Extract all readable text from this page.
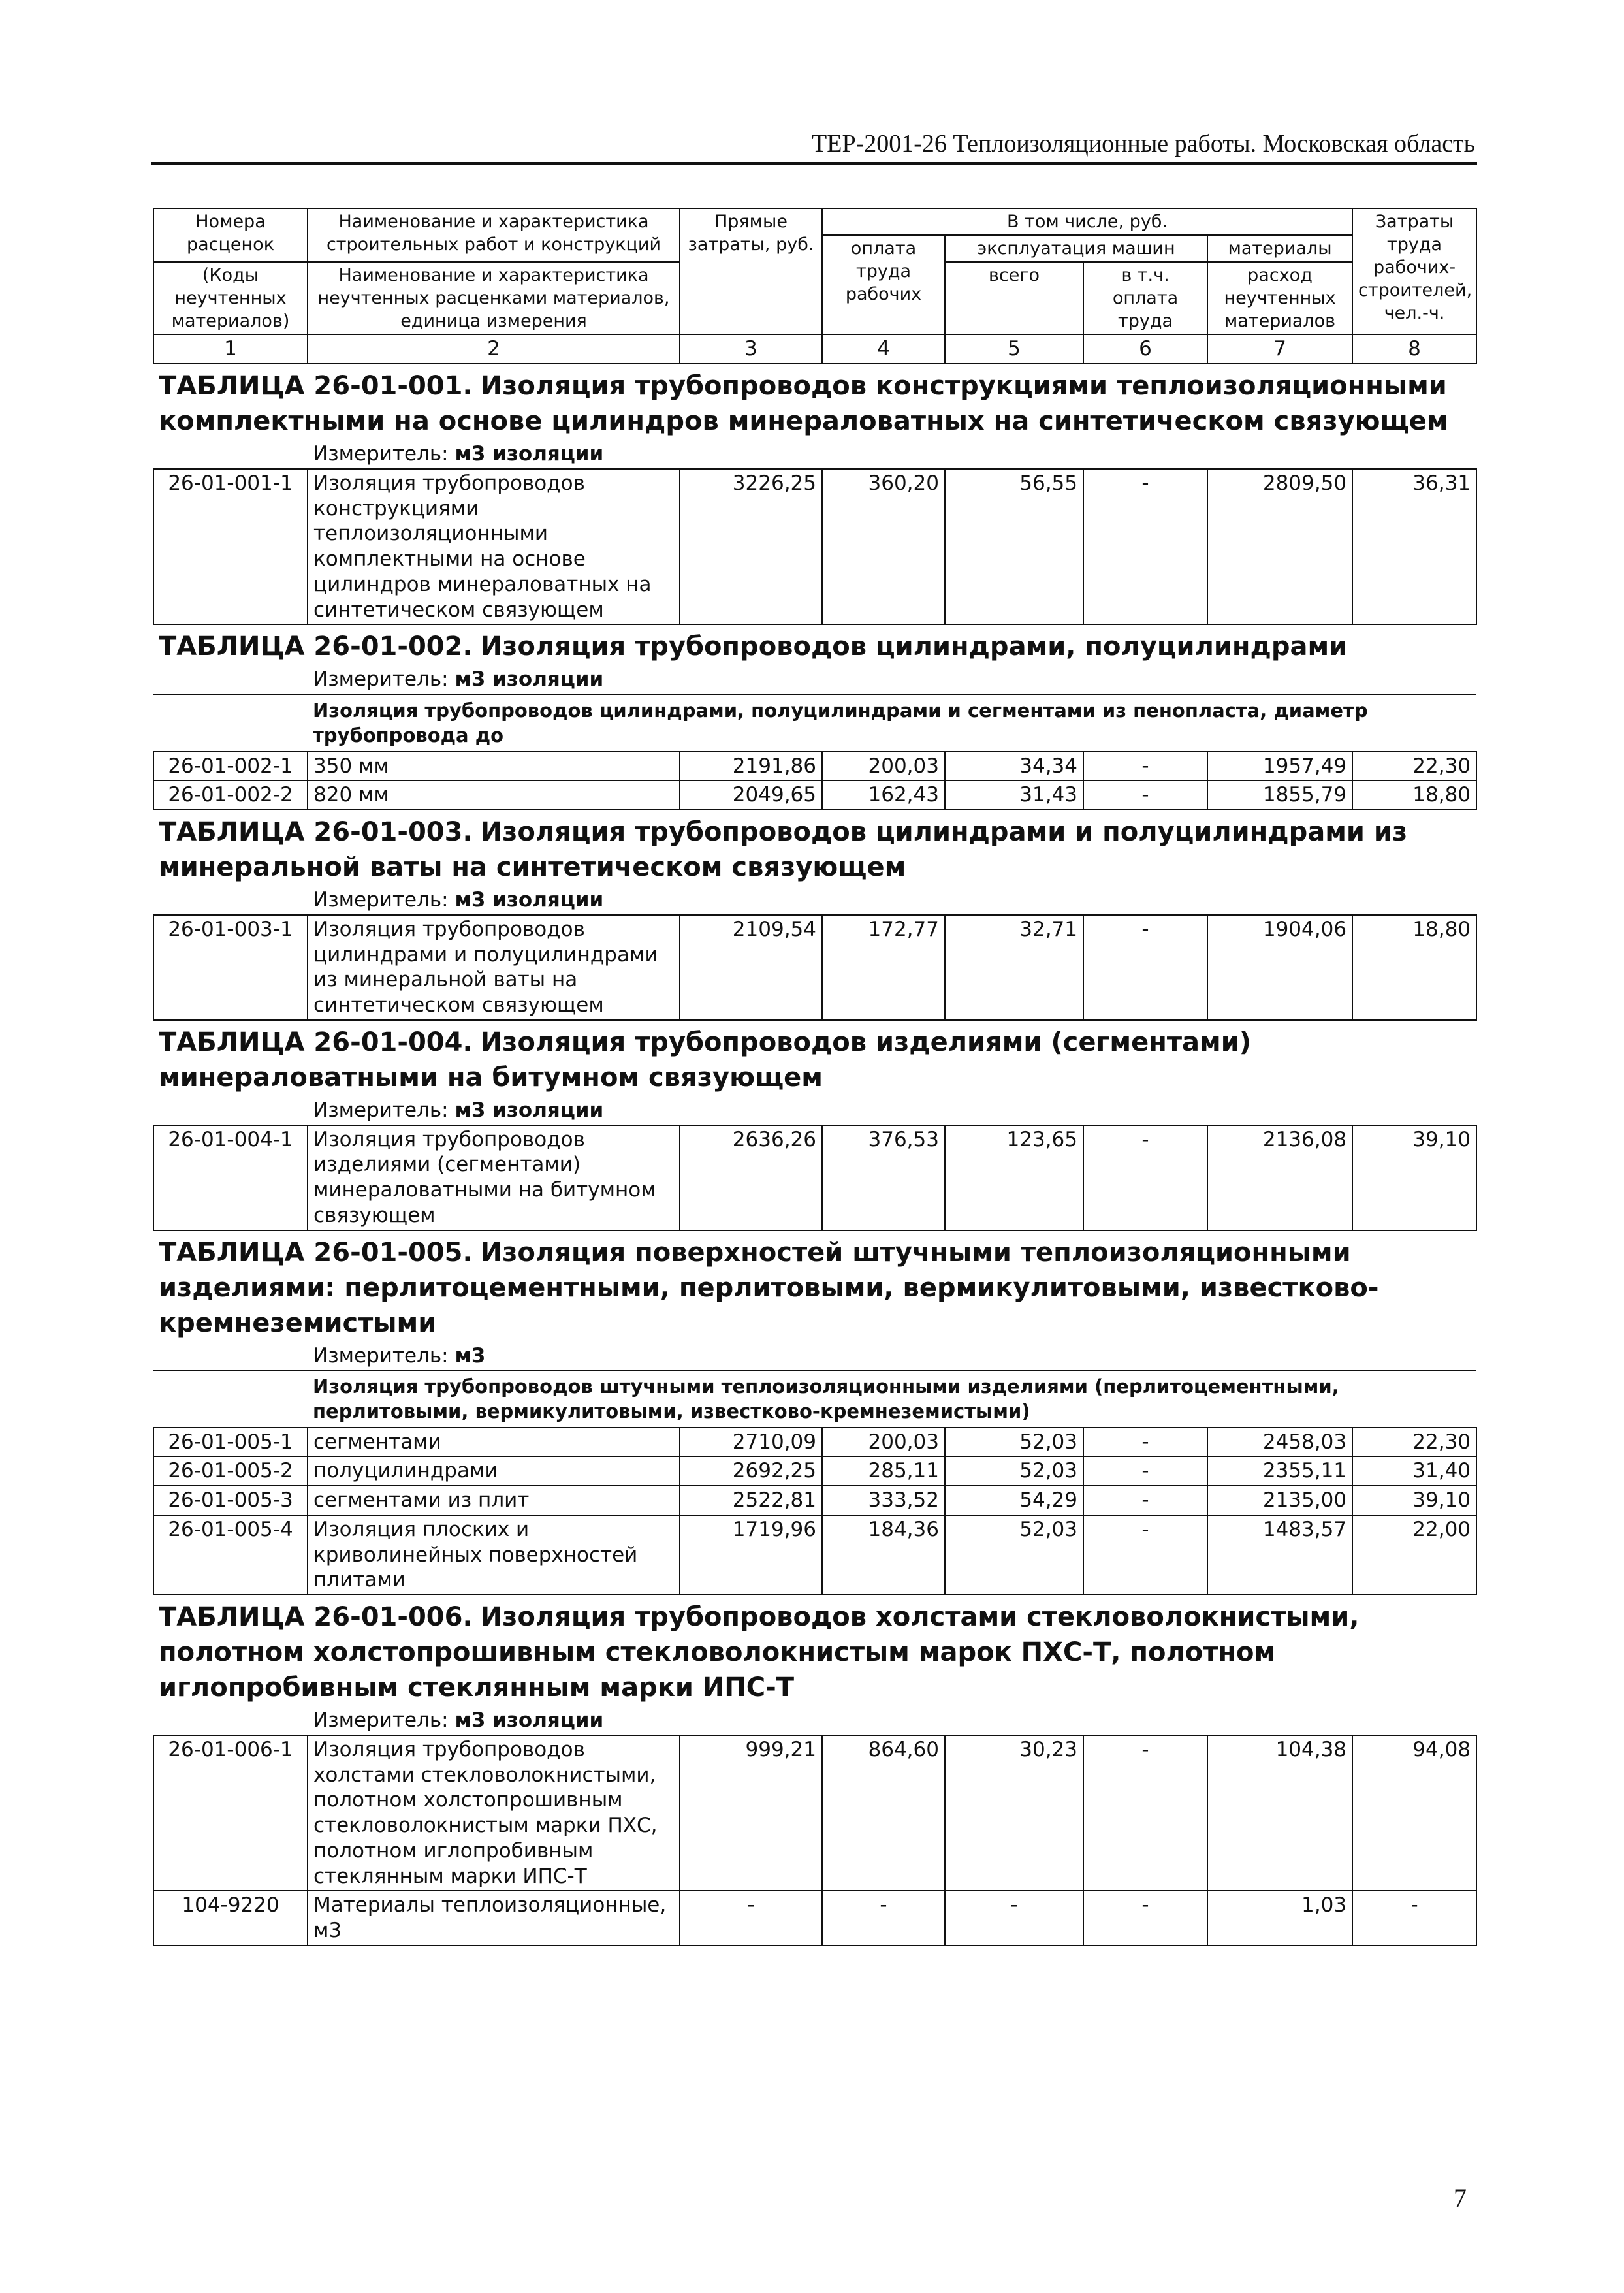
ТЕР-2001-26 Теплоизоляционные работы. Московская область
Номера расценок	Наименование и характеристика строительных работ и конструкций	Прямые затраты, руб.	В том числе, руб.				Затраты труда рабочих-строителей, чел.-ч.
			оплата труда рабочих	эксплуатация машин		материалы	
(Коды неучтенных материалов)	Наименование и характеристика неучтенных расценками материалов, единица измерения			всего	в т.ч. оплата труда	расход неучтенных материалов	

1	2	3	4	5	6	7	8

ТАБЛИЦА 26-01-001. Изоляция трубопроводов конструкциями теплоизоляционными комплектными на основе цилиндров минераловатных на синтетическом связующем							
	Измеритель: м3 изоляции						
26-01-001-1	Изоляция трубопроводов конструкциями теплоизоляционными комплектными на основе цилиндров минераловатных на синтетическом связующем	3226,25	360,20	56,55	-	2809,50	36,31

ТАБЛИЦА 26-01-002. Изоляция трубопроводов цилиндрами, полуцилиндрами							
	Измеритель: м3 изоляции						
	Изоляция трубопроводов цилиндрами, полуцилиндрами и сегментами из пенопласта, диаметр трубопровода до						
26-01-002-1	350 мм	2191,86	200,03	34,34	-	1957,49	22,30
26-01-002-2	820 мм	2049,65	162,43	31,43	-	1855,79	18,80

ТАБЛИЦА 26-01-003. Изоляция трубопроводов цилиндрами и полуцилиндрами из минеральной ваты на синтетическом связующем							
	Измеритель: м3 изоляции						
26-01-003-1	Изоляция трубопроводов цилиндрами и полуцилиндрами из минеральной ваты на синтетическом связующем	2109,54	172,77	32,71	-	1904,06	18,80

ТАБЛИЦА 26-01-004. Изоляция трубопроводов изделиями (сегментами) минераловатными на битумном связующем							
	Измеритель: м3 изоляции						
26-01-004-1	Изоляция трубопроводов изделиями (сегментами) минераловатными на битумном связующем	2636,26	376,53	123,65	-	2136,08	39,10

ТАБЛИЦА 26-01-005. Изоляция поверхностей штучными теплоизоляционными изделиями: перлитоцементными, перлитовыми, вермикулитовыми, известково-кремнеземистыми							
	Измеритель: м3						
	Изоляция трубопроводов штучными теплоизоляционными изделиями (перлитоцементными, перлитовыми, вермикулитовыми, известково-кремнеземистыми)						
26-01-005-1	сегментами	2710,09	200,03	52,03	-	2458,03	22,30
26-01-005-2	полуцилиндрами	2692,25	285,11	52,03	-	2355,11	31,40
26-01-005-3	сегментами из плит	2522,81	333,52	54,29	-	2135,00	39,10
26-01-005-4	Изоляция плоских и криволинейных поверхностей плитами	1719,96	184,36	52,03	-	1483,57	22,00

ТАБЛИЦА 26-01-006. Изоляция трубопроводов холстами стекловолокнистыми, полотном холстопрошивным стекловолокнистым марок ПХС-Т, полотном иглопробивным стеклянным марки ИПС-Т							
	Измеритель: м3 изоляции						
26-01-006-1	Изоляция трубопроводов холстами стекловолокнистыми, полотном холстопрошивным стекловолокнистым марки ПХС, полотном иглопробивным стеклянным марки ИПС-Т	999,21	864,60	30,23	-	104,38	94,08
104-9220	Материалы теплоизоляционные, м3	-	-	-	-	1,03	-
7
